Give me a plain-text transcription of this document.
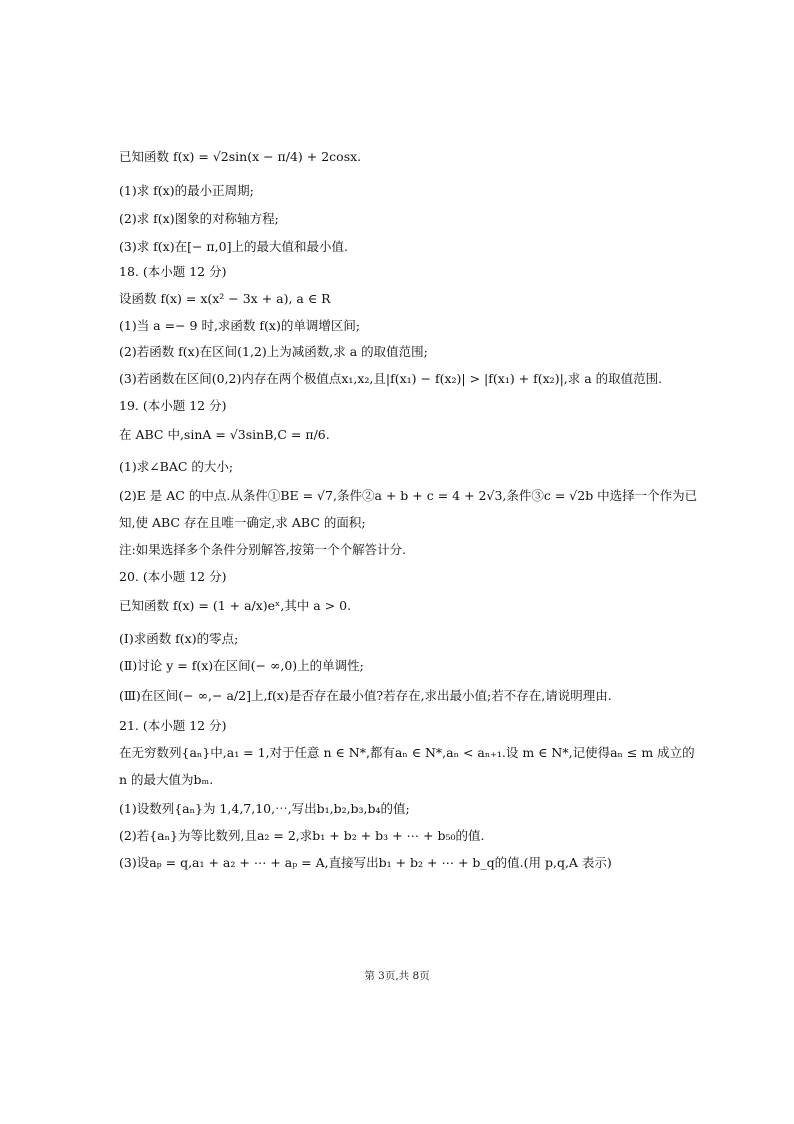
已知函数 f(x) = √2sin(x − π/4) + 2cosx.
(1)求 f(x)的最小正周期;
(2)求 f(x)图象的对称轴方程;
(3)求 f(x)在[− π,0]上的最大值和最小值.
18. (本小题 12 分)
设函数 f(x) = x(x² − 3x + a), a ∈ R
(1)当 a =− 9 时,求函数 f(x)的单调增区间;
(2)若函数 f(x)在区间(1,2)上为减函数,求 a 的取值范围;
(3)若函数在区间(0,2)内存在两个极值点x₁,x₂,且|f(x₁) − f(x₂)| > |f(x₁) + f(x₂)|,求 a 的取值范围.
19. (本小题 12 分)
在 ABC 中,sinA = √3sinB,C = π/6.
(1)求∠BAC 的大小;
(2)E 是 AC 的中点.从条件①BE = √7,条件②a + b + c = 4 + 2√3,条件③c = √2b 中选择一个作为已
知,使 ABC 存在且唯一确定,求 ABC 的面积;
注:如果选择多个条件分别解答,按第一个个解答计分.
20. (本小题 12 分)
已知函数 f(x) = (1 + a/x)eˣ,其中 a > 0.
(Ⅰ)求函数 f(x)的零点;
(Ⅱ)讨论 y = f(x)在区间(− ∞,0)上的单调性;
(Ⅲ)在区间(− ∞,− a/2]上,f(x)是否存在最小值?若存在,求出最小值;若不存在,请说明理由.
21. (本小题 12 分)
在无穷数列{aₙ}中,a₁ = 1,对于任意 n ∈ N*,都有aₙ ∈ N*,aₙ < aₙ₊₁.设 m ∈ N*,记使得aₙ ≤ m 成立的
n 的最大值为bₘ.
(1)设数列{aₙ}为 1,4,7,10,⋯,写出b₁,b₂,b₃,b₄的值;
(2)若{aₙ}为等比数列,且a₂ = 2,求b₁ + b₂ + b₃ + ⋯ + b₅₀的值.
(3)设aₚ = q,a₁ + a₂ + ⋯ + aₚ = A,直接写出b₁ + b₂ + ⋯ + b_q的值.(用 p,q,A 表示)
第 3页,共 8页
